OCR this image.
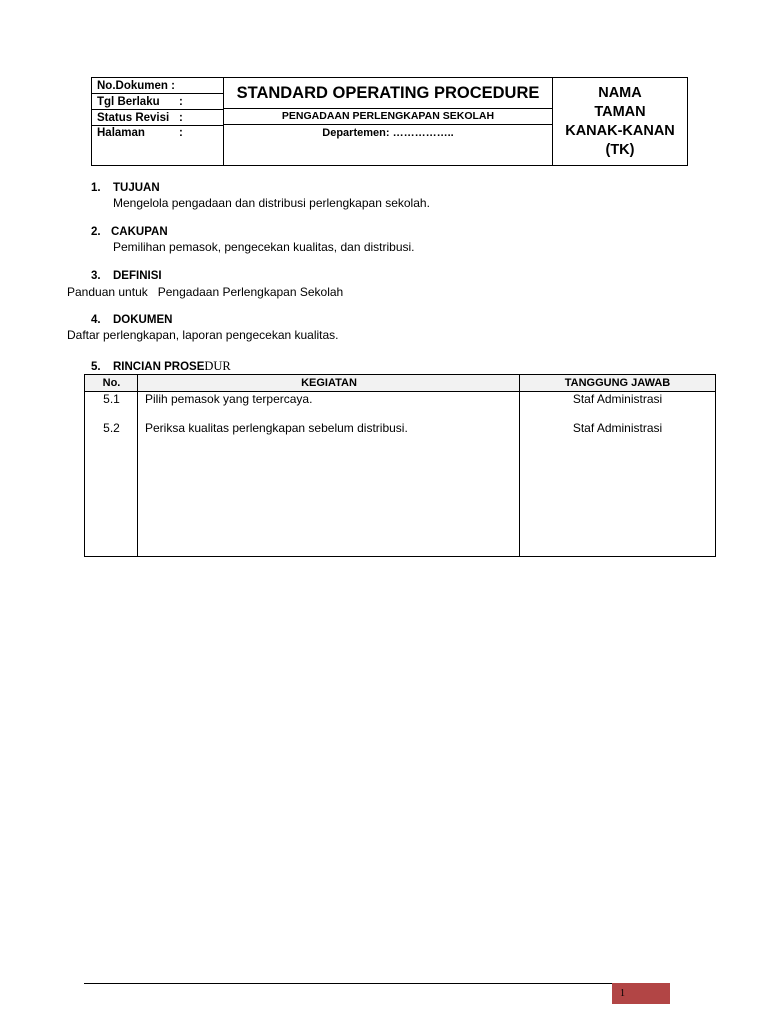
No.Dokumen :
Tgl Berlaku :
Status Revisi :
Halaman	:
STANDARD OPERATING PROCEDURE
PENGADAAN PERLENGKAPAN SEKOLAH
Departemen: ……………..
NAMA
TAMAN
KANAK-KANAN
(TK)
1. TUJUAN
Mengelola pengadaan dan distribusi perlengkapan sekolah.
2. CAKUPAN
Pemilihan pemasok, pengecekan kualitas, dan distribusi.
3. DEFINISI
Panduan untuk   Pengadaan Perlengkapan Sekolah
4. DOKUMEN
Daftar perlengkapan, laporan pengecekan kualitas.
5. RINCIAN PROSEDUR
No.	KEGIATAN	TANGGUNG JAWAB
5.1	Pilih pemasok yang terpercaya.	Staf Administrasi
5.2	Periksa kualitas perlengkapan sebelum distribusi.	Staf Administrasi
1
